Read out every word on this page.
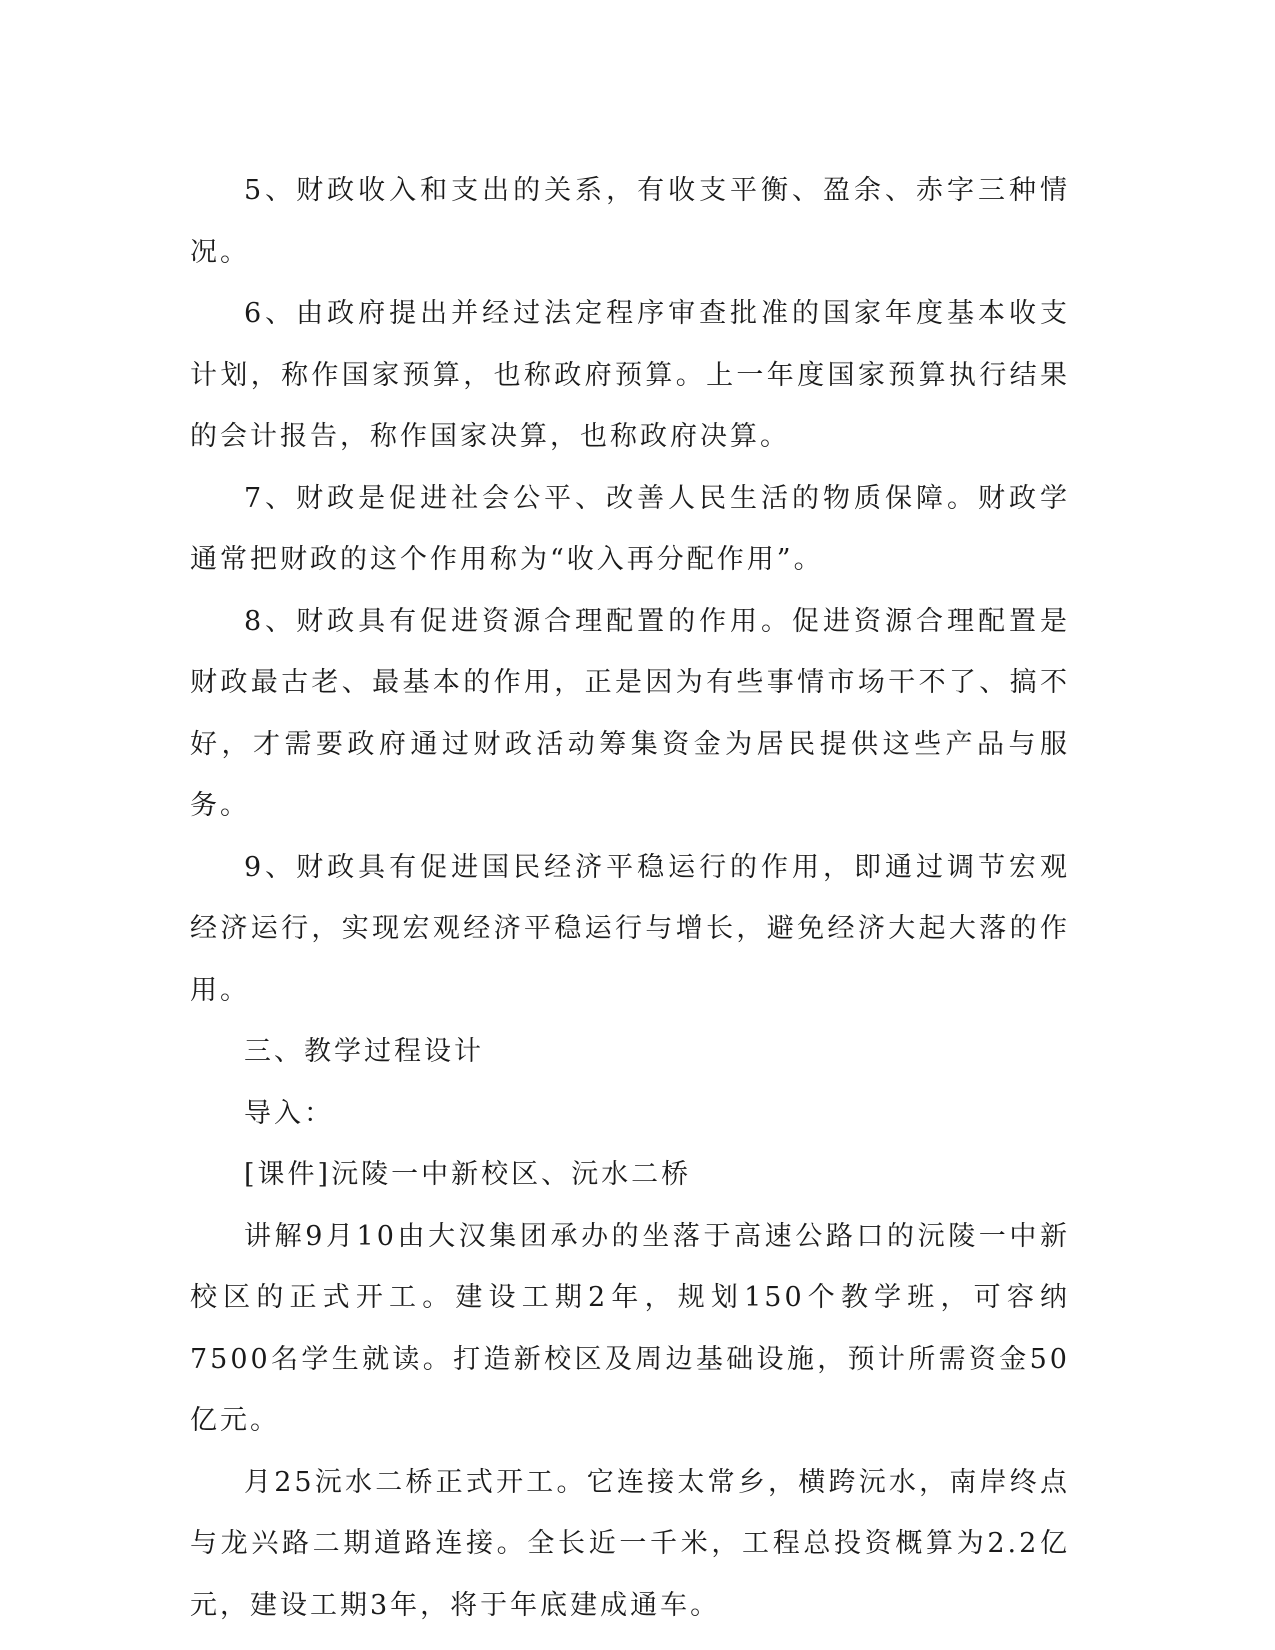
5、财政收入和支出的关系，有收支平衡、盈余、赤字三种情况。

6、由政府提出并经过法定程序审查批准的国家年度基本收支计划，称作国家预算，也称政府预算。上一年度国家预算执行结果的会计报告，称作国家决算，也称政府决算。

7、财政是促进社会公平、改善人民生活的物质保障。财政学通常把财政的这个作用称为“收入再分配作用”。

8、财政具有促进资源合理配置的作用。促进资源合理配置是财政最古老、最基本的作用，正是因为有些事情市场干不了、搞不好，才需要政府通过财政活动筹集资金为居民提供这些产品与服务。

9、财政具有促进国民经济平稳运行的作用，即通过调节宏观经济运行，实现宏观经济平稳运行与增长，避免经济大起大落的作用。

三、教学过程设计

导入：

[课件]沅陵一中新校区、沅水二桥

讲解9月10由大汉集团承办的坐落于高速公路口的沅陵一中新校区的正式开工。建设工期2年，规划150个教学班，可容纳7500名学生就读。打造新校区及周边基础设施，预计所需资金50亿元。

月25沅水二桥正式开工。它连接太常乡，横跨沅水，南岸终点与龙兴路二期道路连接。全长近一千米，工程总投资概算为2.2亿元，建设工期3年，将于年底建成通车。
